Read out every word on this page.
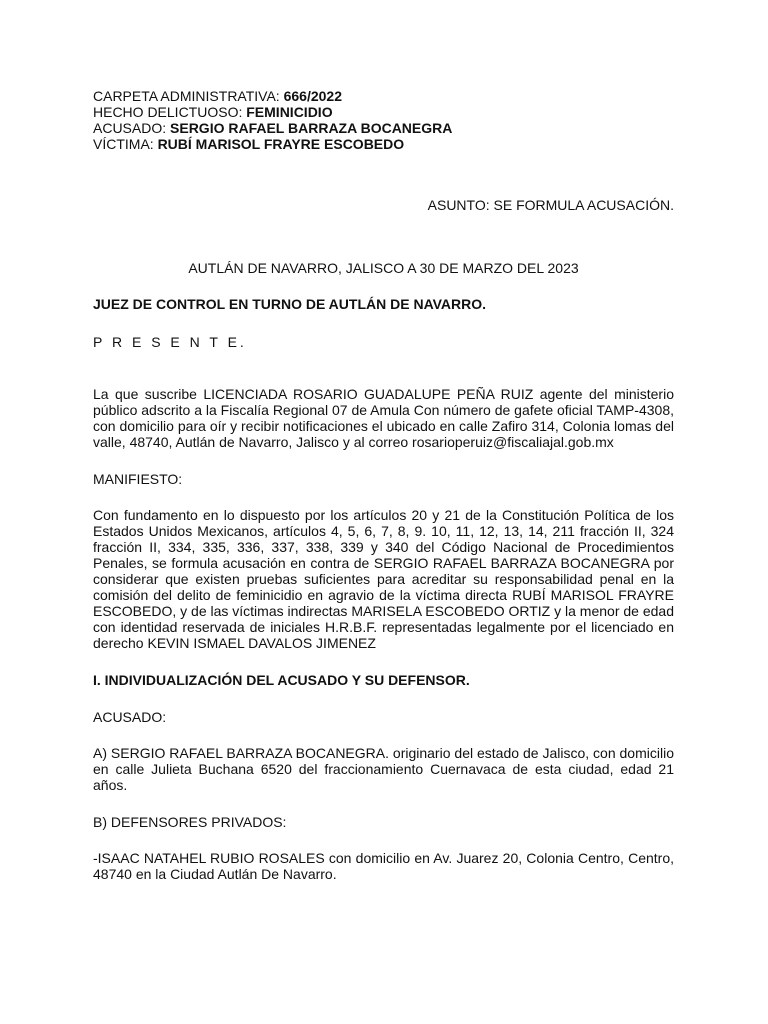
CARPETA ADMINISTRATIVA: 666/2022
HECHO DELICTUOSO: FEMINICIDIO
ACUSADO: SERGIO RAFAEL BARRAZA BOCANEGRA
VÍCTIMA: RUBÍ MARISOL FRAYRE ESCOBEDO
ASUNTO: SE FORMULA ACUSACIÓN.
AUTLÁN DE NAVARRO, JALISCO A 30 DE MARZO DEL 2023
JUEZ DE CONTROL EN TURNO DE AUTLÁN DE NAVARRO.
P R E S E N T E.
La que suscribe LICENCIADA ROSARIO GUADALUPE PEÑA RUIZ agente del ministerio público adscrito a la Fiscalía Regional 07 de Amula Con número de gafete oficial TAMP-4308, con domicilio para oír y recibir notificaciones el ubicado en calle Zafiro 314, Colonia lomas del valle, 48740, Autlán de Navarro, Jalisco y al correo rosarioperuiz@fiscaliajal.gob.mx
MANIFIESTO:
Con fundamento en lo dispuesto por los artículos 20 y 21 de la Constitución Política de los Estados Unidos Mexicanos, artículos 4, 5, 6, 7, 8, 9. 10, 11, 12, 13, 14, 211 fracción II, 324 fracción II, 334, 335, 336, 337, 338, 339 y 340 del Código Nacional de Procedimientos Penales, se formula acusación en contra de SERGIO RAFAEL BARRAZA BOCANEGRA por considerar que existen pruebas suficientes para acreditar su responsabilidad penal en la comisión del delito de feminicidio en agravio de la víctima directa RUBÍ MARISOL FRAYRE ESCOBEDO, y de las víctimas indirectas MARISELA ESCOBEDO ORTIZ y la menor de edad con identidad reservada de iniciales H.R.B.F. representadas legalmente por el licenciado en derecho KEVIN ISMAEL DAVALOS JIMENEZ
I. INDIVIDUALIZACIÓN DEL ACUSADO Y SU DEFENSOR.
ACUSADO:
A) SERGIO RAFAEL BARRAZA BOCANEGRA. originario del estado de Jalisco, con domicilio en calle Julieta Buchana 6520 del fraccionamiento Cuernavaca de esta ciudad, edad 21 años.
B) DEFENSORES PRIVADOS:
-ISAAC NATAHEL RUBIO ROSALES con domicilio en Av. Juarez 20, Colonia Centro, Centro, 48740 en la Ciudad Autlán De Navarro.
